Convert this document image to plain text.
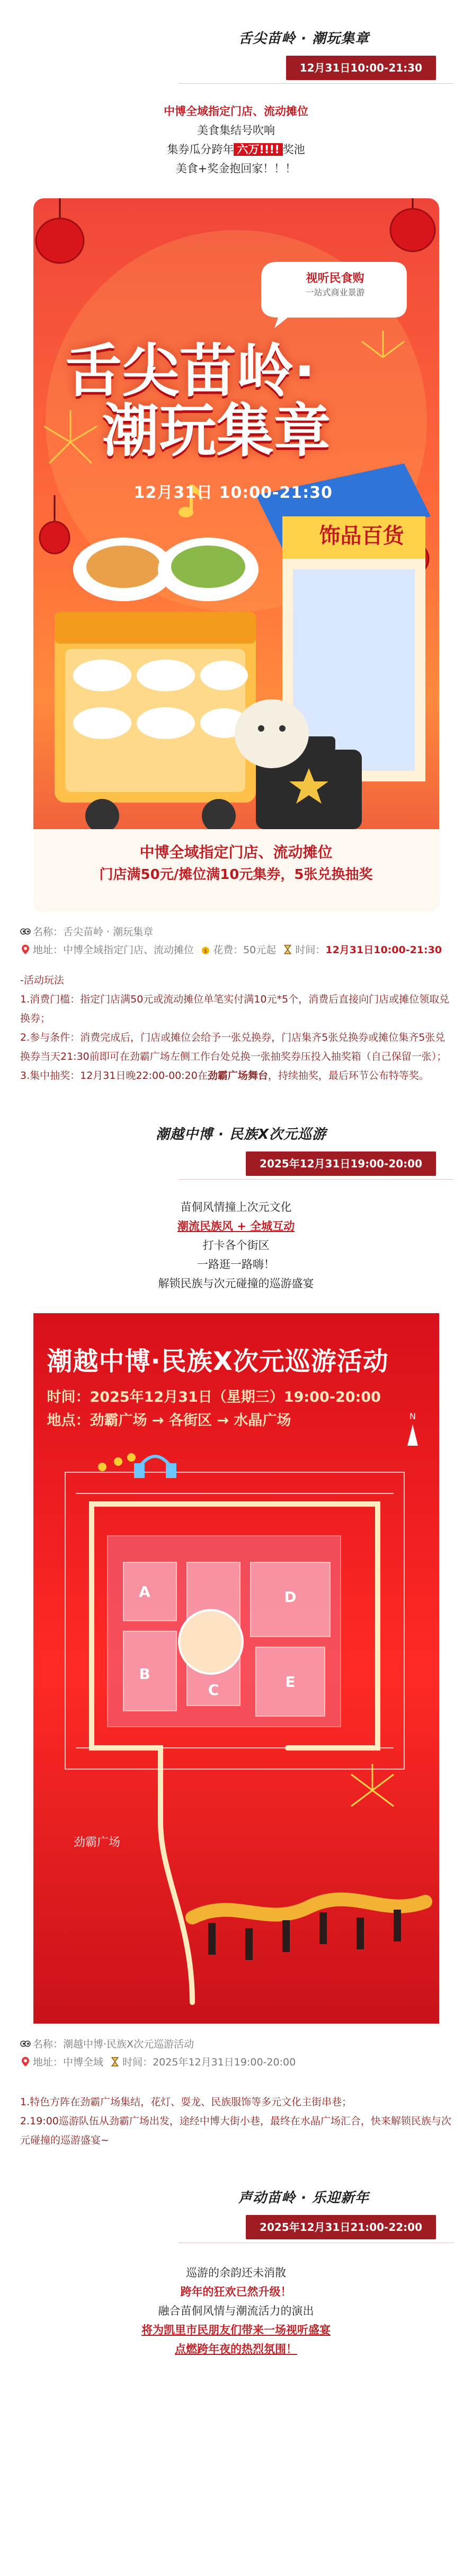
舌尖苗岭 · 潮玩集章
12月31日10:00-21:30
中博全域指定门店、流动摊位
美食集结号吹响
集券瓜分跨年 六万!!!! 奖池
美食+奖金抱回家！！！
视听民食购
一站式商业景游
舌尖苗岭·
潮玩集章
12月31日 10:00-21:30
饰品百货
中博全域指定门店、流动摊位
门店满50元/摊位满10元集券，5张兑换抽奖
名称：舌尖苗岭 · 潮玩集章
地址：中博全域指定门店、流动摊位 $ 花费：50元起 时间：12月31日10:00-21:30
-活动玩法
1.消费门槛：指定门店满50元或流动摊位单笔实付满10元*5个，消费后直接向门店或摊位领取兑换券；
2.参与条件：消费完成后，门店或摊位会给予一张兑换券，门店集齐5张兑换券或摊位集齐5张兑换券当天21:30前即可在劲霸广场左侧工作台处兑换一张抽奖券压投入抽奖箱（自己保留一张）；
3.集中抽奖：12月31日晚22:00-00:20在劲霸广场舞台，持续抽奖，最后环节公布特等奖。
潮越中博 · 民族X次元巡游
2025年12月31日19:00-20:00
苗侗风情撞上次元文化
潮流民族风 + 全城互动
打卡各个街区
一路逛一路嗨！
解锁民族与次元碰撞的巡游盛宴
潮越中博·民族X次元巡游活动
时间：2025年12月31日（星期三）19:00-20:00
地点：劲霸广场 → 各街区 → 水晶广场	N
A
B
C
D
E
劲霸广场
名称：潮越中博·民族X次元巡游活动
地址：中博全域 时间：2025年12月31日19:00-20:00
1.特色方阵在劲霸广场集结，花灯、耍龙、民族服饰等多元文化主街串巷；
2.19:00巡游队伍从劲霸广场出发，途经中博大街小巷，最终在水晶广场汇合，快来解锁民族与次元碰撞的巡游盛宴~
声动苗岭 · 乐迎新年
2025年12月31日21:00-22:00
巡游的余韵还未消散
跨年的狂欢已然升级！
融合苗侗风情与潮流活力的演出
将为凯里市民朋友们带来一场视听盛宴
点燃跨年夜的热烈氛围！
